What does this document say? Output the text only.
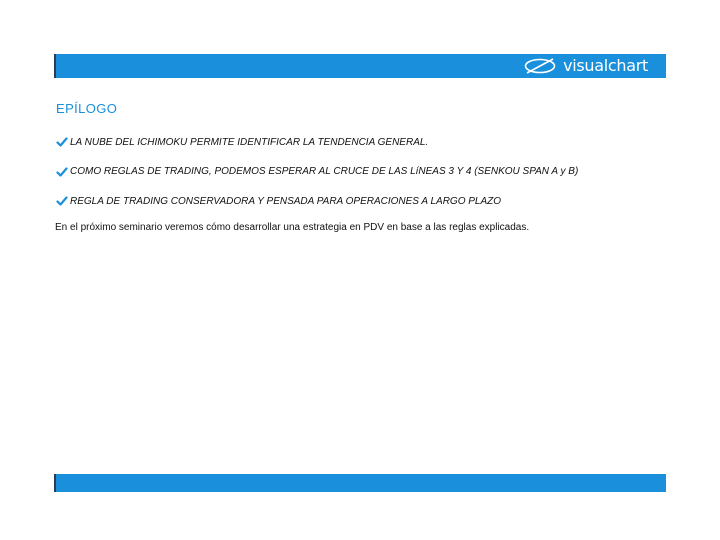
visualchart
EPÍLOGO
LA NUBE DEL ICHIMOKU PERMITE IDENTIFICAR LA TENDENCIA GENERAL.
COMO REGLAS DE TRADING, PODEMOS ESPERAR AL CRUCE DE LAS LíNEAS 3 Y 4 (SENKOU SPAN A y B)
REGLA DE TRADING CONSERVADORA Y PENSADA PARA OPERACIONES A LARGO PLAZO
En el próximo seminario veremos cómo desarrollar una estrategia en PDV en base a las reglas explicadas.
